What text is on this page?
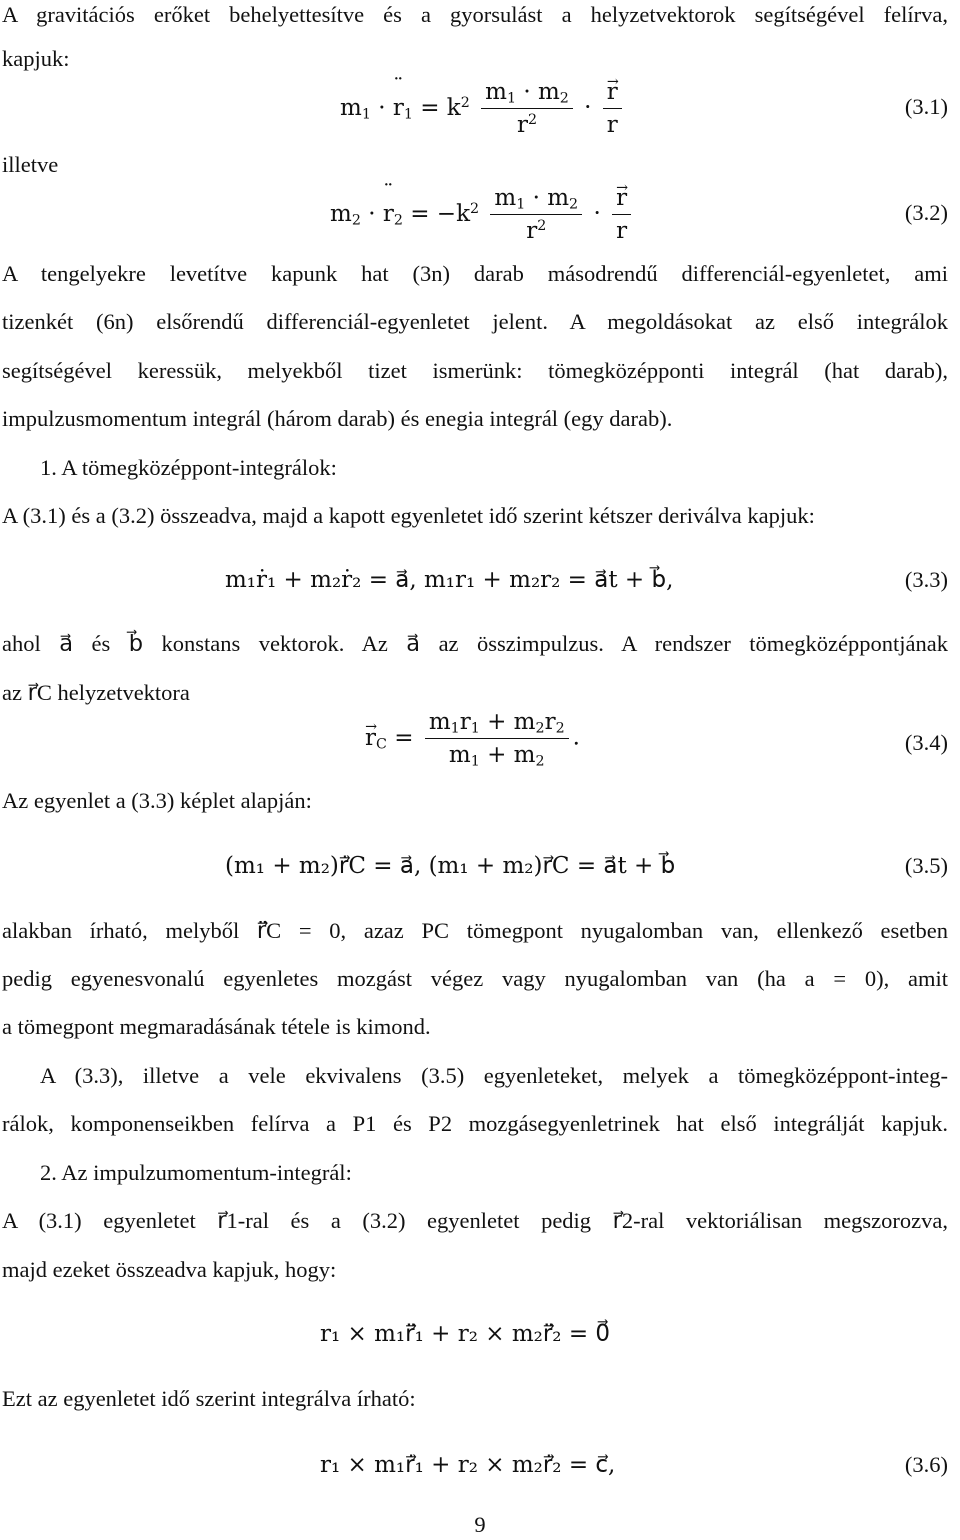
A gravitációs erőket behelyettesítve és a gyorsulást a helyzetvektorok segítségével felírva,
kapjuk:
$m_1 \cdot r$ $¨_1 = k^2 \frac{m_1 \cdot m_2}{r^2}$ · → $\frac{r}{r}$	(3.1)
illetve
$m_2 \cdot r$ $¨_2 = -k^2 \frac{m_1 \cdot m_2}{r^2}$ · → $\frac{r}{r}$	(3.2)
A tengelyekre levetítve kapunk hat (3n) darab másodrendű differenciál-egyenletet, ami
tizenkét (6n) elsőrendű differenciál-egyenletet jelent. A megoldásokat az első integrálok
segítségével keressük, melyekből tizet ismerünk: tömegközépponti integrál (hat darab),
impulzusmomentum integrál (három darab) és enegia integrál (egy darab).
1. A tömegközéppont-integrálok:
A (3.1) és a (3.2) összeadva, majd a kapott egyenletet idő szerint kétszer deriválva kapjuk:
m₁ṙ₁ + m₂ṙ₂ = a⃗, m₁r₁ + m₂r₂ = a⃗t + b⃗,	(3.3)
ahol a⃗ és b⃗ konstans vektorok. Az a⃗ az összimpulzus. A rendszer tömegközéppontjának
az r⃗C helyzetvektora
→ $r_C = \frac{m_1r_1 + m_2r_2}{m_1 + m_2}$ .	(3.4)
Az egyenlet a (3.3) képlet alapján:
(m₁ + m₂)r⃗̇C = a⃗, (m₁ + m₂)r⃗C = a⃗t + b⃗	(3.5)
alakban írható, melyből r⃗̈C = 0, azaz PC tömegpont nyugalomban van, ellenkező esetben
pedig egyenesvonalú egyenletes mozgást végez vagy nyugalomban van (ha a = 0), amit
a tömegpont megmaradásának tétele is kimond.
A (3.3), illetve a vele ekvivalens (3.5) egyenleteket, melyek a tömegközéppont-integ-
rálok, komponenseikben felírva a P1 és P2 mozgásegyenletrinek hat első integrálját kapjuk.
2. Az impulzumomentum-integrál:
A (3.1) egyenletet r⃗1-ral és a (3.2) egyenletet pedig r⃗2-ral vektoriálisan megszorozva,
majd ezeket összeadva kapjuk, hogy:
r₁ × m₁r⃗̈₁ + r₂ × m₂r⃗̈₂ = 0⃗
Ezt az egyenletet idő szerint integrálva írható:
r₁ × m₁r⃗̇₁ + r₂ × m₂r⃗̇₂ = c⃗,	(3.6)
9
